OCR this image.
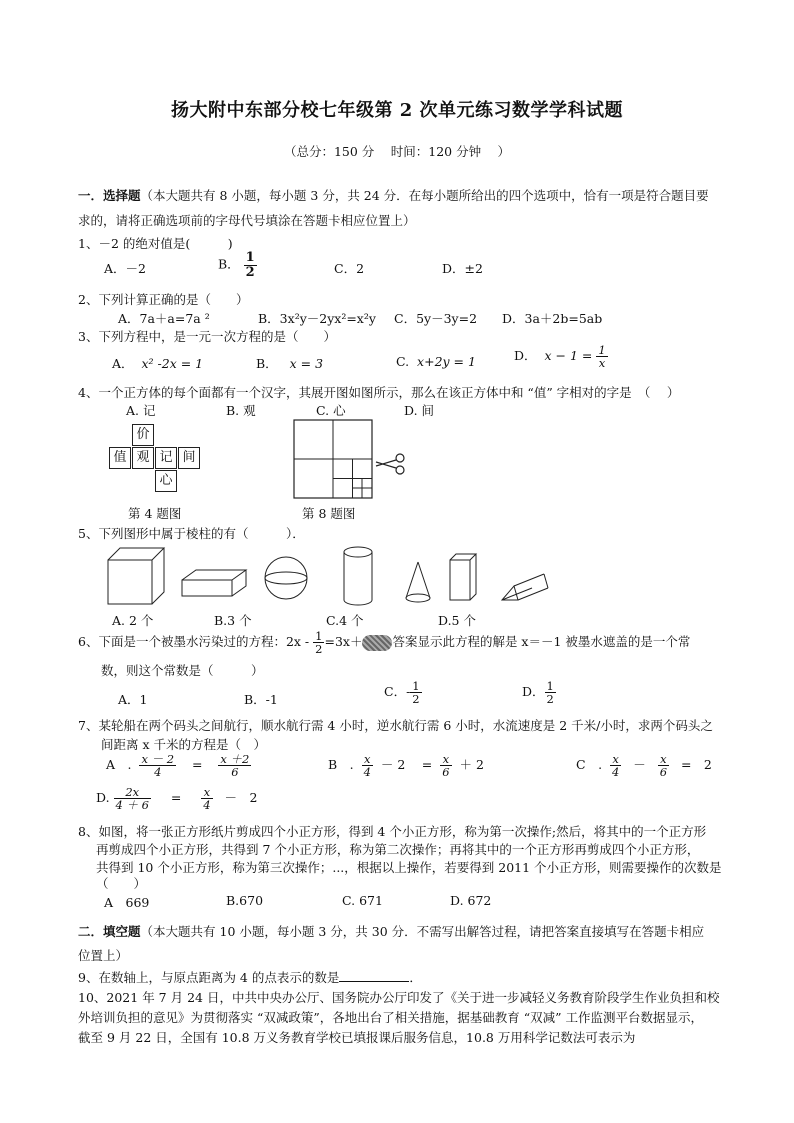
扬大附中东部分校七年级第 2 次单元练习数学学科试题
（总分：150 分　 时间：120 分钟　 ）
一．选择题（本大题共有 8 小题，每小题 3 分，共 24 分．在每小题所给出的四个选项中，恰有一项是符合题目要
求的，请将正确选项前的字母代号填涂在答题卡相应位置上）
1、－2 的绝对值是(　　　)
A．－2	B． $\frac{1}{2}$	C．2	D．±2
2、下列计算正确的是（　　）
A．7a＋a=7a ²	B．3x²y－2yx²=x²y C．5y－3y=2 D．3a＋2b=5ab
3、下列方程中，是一元一次方程的是（　　）
A． x² -2x = 1	B． x = 3	C. x+2y = 1	D． $x - 1 = \frac{1}{x}$
4、一个正方体的每个面都有一个汉字，其展开图如图所示，那么在该正方体中和 “值” 字相对的字是　（　 ）
A. 记	B. 观	C. 心	D. 间
价
值 观 记 间
心
第 4 题图	第 8 题图
5、下列图形中属于棱柱的有（　　　）．
A. 2 个	B.3 个	C.4 个	D.5 个
6、下面是一个被墨水污染过的方程：$2x - \frac{1}{2} =3x+$ 答案显示此方程的解是 x＝－1 被墨水遮盖的是一个常
数，则这个常数是（　　　）
A．1	B．-1
C．- $\frac{1}{2}$	D． $\frac{1}{2}$
7、某轮船在两个码头之间航行，顺水航行需 4 小时，逆水航行需 6 小时，水流速度是 2 千米/小时，求两个码头之
间距离 x 千米的方程是（　）
A　. $\frac{x - 2}{4} = \frac{x +2}{6}$	B　. $\frac{x}{4} - 2$　 = $\frac{x}{6} + 2$	C　. $\frac{x}{4} - \frac{x}{6}$ =　2
D. $\frac{2x}{4 + 6} = \frac{x}{4}$ －　2
8、如图，将一张正方形纸片剪成四个小正方形，得到 4 个小正方形，称为第一次操作;然后，将其中的一个正方形
再剪成四个小正方形，共得到 7 个小正方形，称为第二次操作；再将其中的一个正方形再剪成四个小正方形，
共得到 10 个小正方形，称为第三次操作；...，根据以上操作，若要得到 2011 个小正方形，则需要操作的次数是
（　　）
A　669	B.670	C. 671	D. 672
二．填空题（本大题共有 10 小题，每小题 3 分，共 30 分．不需写出解答过程，请把答案直接填写在答题卡相应
位置上）
9、在数轴上，与原点距离为 4 的点表示的数是	．
10、2021 年 7 月 24 日，中共中央办公厅、国务院办公厅印发了《关于进一步减轻义务教育阶段学生作业负担和校
外培训负担的意见》为贯彻落实 “双减政策”，各地出台了相关措施，据基础教育 “双减” 工作监测平台数据显示，
截至 9 月 22 日，全国有 10.8 万义务教育学校已填报课后服务信息，10.8 万用科学记数法可表示为
